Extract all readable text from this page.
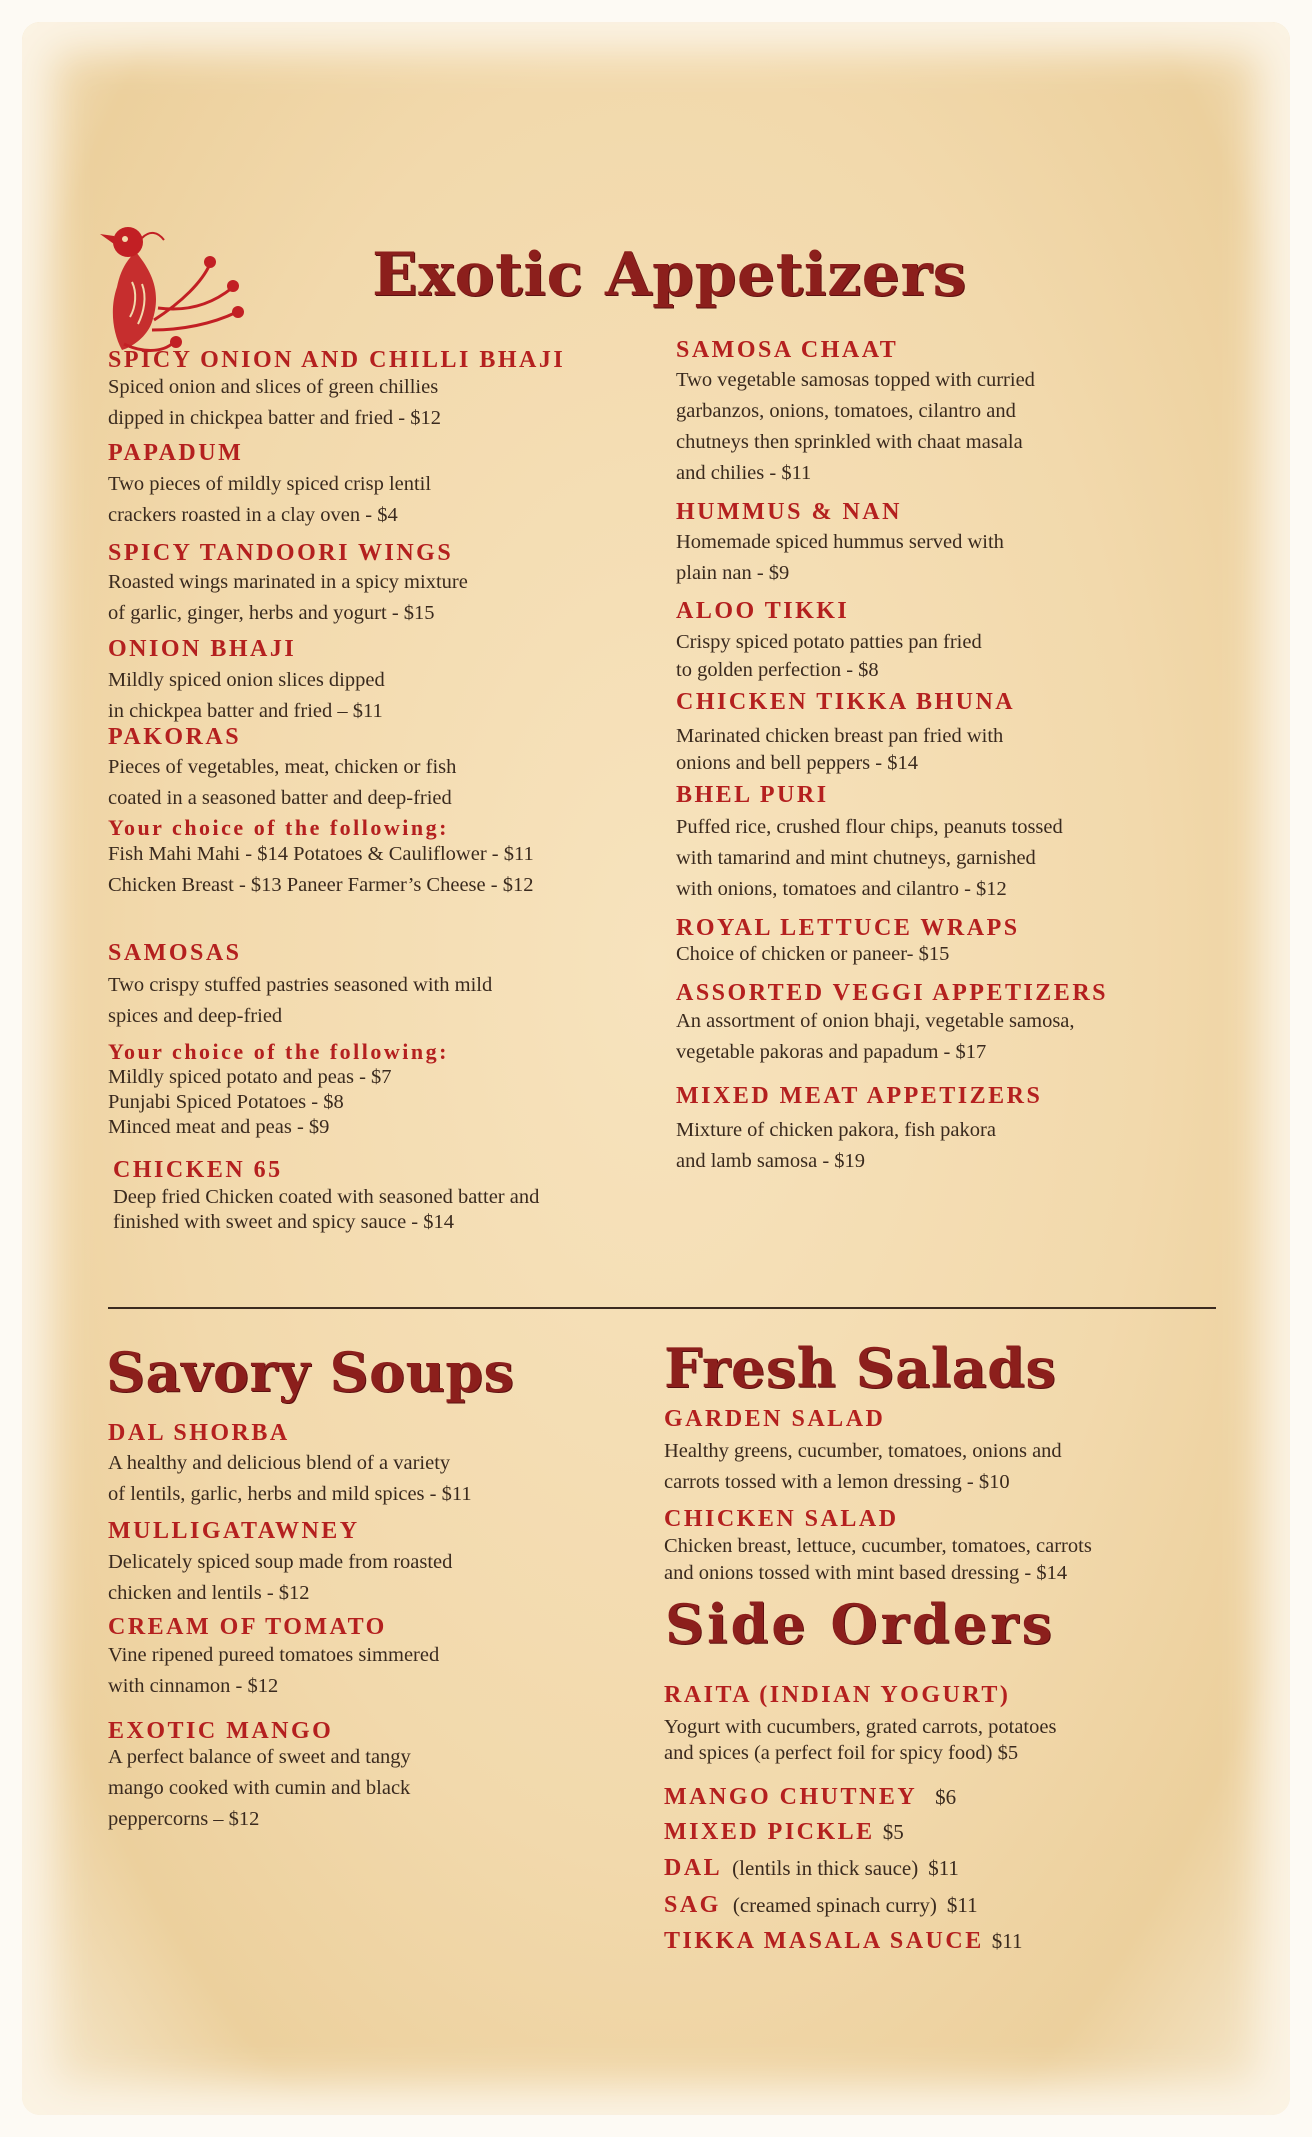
Exotic Appetizers
SPICY ONION AND CHILLI BHAJI
Spiced onion and slices of green chillies
dipped in chickpea batter and fried - $12
PAPADUM
Two pieces of mildly spiced crisp lentil
crackers roasted in a clay oven - $4
SPICY TANDOORI WINGS
Roasted wings marinated in a spicy mixture
of garlic, ginger, herbs and yogurt - $15
ONION BHAJI
Mildly spiced onion slices dipped
in chickpea batter and fried – $11
PAKORAS
Pieces of vegetables, meat, chicken or fish
coated in a seasoned batter and deep-fried
Your choice of the following:
Fish Mahi Mahi - $14 Potatoes & Cauliflower - $11
Chicken Breast - $13 Paneer Farmer’s Cheese - $12
SAMOSAS
Two crispy stuffed pastries seasoned with mild
spices and deep-fried
Your choice of the following:
Mildly spiced potato and peas - $7
Punjabi Spiced Potatoes - $8
Minced meat and peas - $9
CHICKEN 65
Deep fried Chicken coated with seasoned batter and
finished with sweet and spicy sauce - $14
SAMOSA CHAAT
Two vegetable samosas topped with curried
garbanzos, onions, tomatoes, cilantro and
chutneys then sprinkled with chaat masala
and chilies - $11
HUMMUS & NAN
Homemade spiced hummus served with
plain nan - $9
ALOO TIKKI
Crispy spiced potato patties pan fried
to golden perfection - $8
CHICKEN TIKKA BHUNA
Marinated chicken breast pan fried with
onions and bell peppers - $14
BHEL PURI
Puffed rice, crushed flour chips, peanuts tossed
with tamarind and mint chutneys, garnished
with onions, tomatoes and cilantro - $12
ROYAL LETTUCE WRAPS
Choice of chicken or paneer- $15
ASSORTED VEGGI APPETIZERS
An assortment of onion bhaji, vegetable samosa,
vegetable pakoras and papadum - $17
MIXED MEAT APPETIZERS
Mixture of chicken pakora, fish pakora
and lamb samosa - $19
Savory Soups
DAL SHORBA
A healthy and delicious blend of a variety
of lentils, garlic, herbs and mild spices - $11
MULLIGATAWNEY
Delicately spiced soup made from roasted
chicken and lentils - $12
CREAM OF TOMATO
Vine ripened pureed tomatoes simmered
with cinnamon - $12
EXOTIC MANGO
A perfect balance of sweet and tangy
mango cooked with cumin and black
peppercorns – $12
Fresh Salads
GARDEN SALAD
Healthy greens, cucumber, tomatoes, onions and
carrots tossed with a lemon dressing - $10
CHICKEN SALAD
Chicken breast, lettuce, cucumber, tomatoes, carrots
and onions tossed with mint based dressing - $14
Side Orders
RAITA (INDIAN YOGURT)
Yogurt with cucumbers, grated carrots, potatoes
and spices (a perfect foil for spicy food) $5
MANGO CHUTNEY $6
MIXED PICKLE $5
DAL (lentils in thick sauce) $11
SAG (creamed spinach curry) $11
TIKKA MASALA SAUCE $11
